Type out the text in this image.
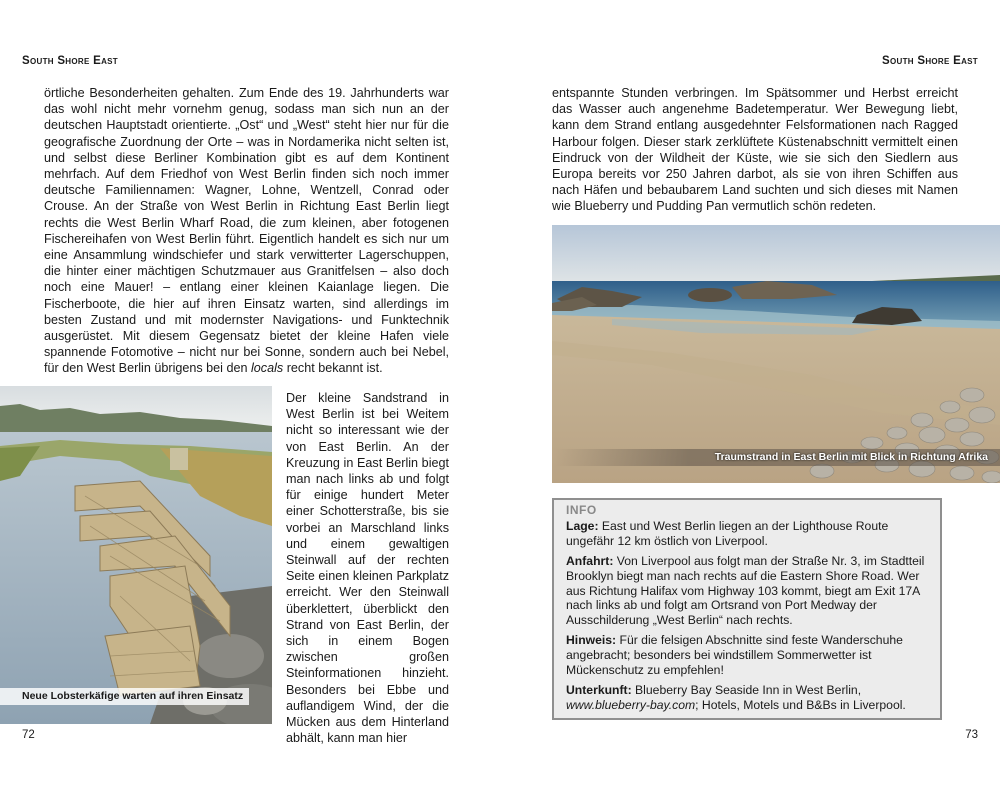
South Shore East

örtliche Besonderheiten gehalten. Zum Ende des 19. Jahrhunderts war das wohl nicht mehr vornehm genug, sodass man sich nun an der deutschen Hauptstadt orientierte. „Ost“ und „West“ steht hier nur für die geografische Zuordnung der Orte – was in Nordamerika nicht selten ist, und selbst diese Berliner Kombination gibt es auf dem Kontinent mehrfach. Auf dem Friedhof von West Berlin finden sich noch immer deutsche Familiennamen: Wagner, Lohne, Wentzell, Conrad oder Crouse. An der Straße von West Berlin in Richtung East Berlin liegt rechts die West Berlin Wharf Road, die zum kleinen, aber fotogenen Fischereihafen von West Berlin führt. Eigentlich handelt es sich nur um eine Ansammlung windschiefer und stark verwitterter Lagerschuppen, die hinter einer mächtigen Schutzmauer aus Granitfelsen – also doch noch eine Mauer! – entlang einer kleinen Kaianlage liegen. Die Fischerboote, die hier auf ihren Einsatz warten, sind allerdings im besten Zustand und mit modernster Navigations- und Funktechnik ausgerüstet. Mit diesem Gegensatz bietet der kleine Hafen viele spannende Fotomotive – nicht nur bei Sonne, sondern auch bei Nebel, für den West Berlin übrigens bei den locals recht bekannt ist.

Neue Lobsterkäfige warten auf ihren Einsatz

Der kleine Sandstrand in West Berlin ist bei Weitem nicht so interessant wie der von East Berlin. An der Kreuzung in East Berlin biegt man nach links ab und folgt für einige hundert Meter einer Schotterstraße, bis sie vorbei an Marschland links und einem gewaltigen Steinwall auf der rechten Seite einen kleinen Parkplatz erreicht. Wer den Steinwall überklettert, überblickt den Strand von East Berlin, der sich in einem Bogen zwischen großen Steinformationen hinzieht. Besonders bei Ebbe und auflandigem Wind, der die Mücken aus dem Hinterland abhält, kann man hier

72
South Shore East

entspannte Stunden verbringen. Im Spätsommer und Herbst erreicht das Wasser auch angenehme Badetemperatur. Wer Bewegung liebt, kann dem Strand entlang ausgedehnter Felsformationen nach Ragged Harbour folgen. Dieser stark zerklüftete Küstenabschnitt vermittelt einen Eindruck von der Wildheit der Küste, wie sie sich den Siedlern aus Europa bereits vor 250 Jahren darbot, als sie von ihren Schiffen aus nach Häfen und bebaubarem Land suchten und sich dieses mit Namen wie Blueberry und Pudding Pan vermutlich schön redeten.

Traumstrand in East Berlin mit Blick in Richtung Afrika
INFO

Lage: East und West Berlin liegen an der Lighthouse Route ungefähr 12 km östlich von Liverpool.

Anfahrt: Von Liverpool aus folgt man der Straße Nr. 3, im Stadtteil Brooklyn biegt man nach rechts auf die Eastern Shore Road. Wer aus Richtung Halifax vom Highway 103 kommt, biegt am Exit 17A nach links ab und folgt am Ortsrand von Port Medway der Ausschilderung „West Berlin“ nach rechts.

Hinweis: Für die felsigen Abschnitte sind feste Wanderschuhe angebracht; besonders bei windstillem Sommerwetter ist Mückenschutz zu empfehlen!

Unterkunft: Blueberry Bay Seaside Inn in West Berlin, www.blueberry-bay.com; Hotels, Motels und B&Bs in Liverpool.

73
